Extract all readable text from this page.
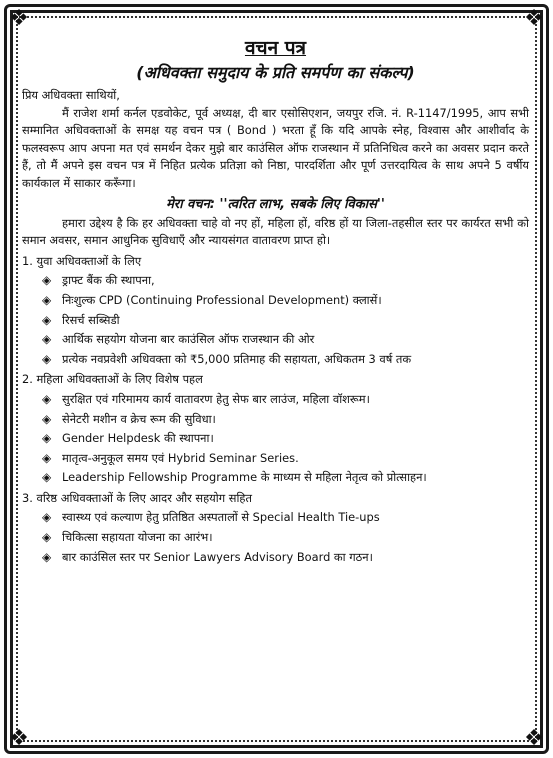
❖	❖
❖	❖
वचन पत्र
(अधिवक्ता समुदाय के प्रति समर्पण का संकल्प)

प्रिय अधिवक्ता साथियों,

मैं राजेश शर्मा कर्नल एडवोकेट, पूर्व अध्यक्ष, दी बार एसोसिएशन, जयपुर रजि. नं. R-1147/1995, आप सभी सम्मानित अधिवक्ताओं के समक्ष यह वचन पत्र ( Bond ) भरता हूँ कि यदि आपके स्नेह, विश्वास और आशीर्वाद के फलस्वरूप आप अपना मत एवं समर्थन देकर मुझे बार काउंसिल ऑफ राजस्थान में प्रतिनिधित्व करने का अवसर प्रदान करते हैं, तो मैं अपने इस वचन पत्र में निहित प्रत्येक प्रतिज्ञा को निष्ठा, पारदर्शिता और पूर्ण उत्तरदायित्व के साथ अपने 5 वर्षीय कार्यकाल में साकार करूँगा।

मेरा वचन: ''त्वरित लाभ, सबके लिए विकास''

हमारा उद्देश्य है कि हर अधिवक्ता चाहे वो नए हों, महिला हों, वरिष्ठ हों या जिला-तहसील स्तर पर कार्यरत सभी को समान अवसर, समान आधुनिक सुविधाएँ और न्यायसंगत वातावरण प्राप्त हो।

1. युवा अधिवक्ताओं के लिए
◈ ड्राफ्ट बैंक की स्थापना,
◈ निःशुल्क CPD (Continuing Professional Development) क्लासें।
◈ रिसर्च सब्सिडी
◈ आर्थिक सहयोग योजना बार काउंसिल ऑफ राजस्थान की ओर
◈ प्रत्येक नवप्रवेशी अधिवक्ता को ₹5,000 प्रतिमाह की सहायता, अधिकतम 3 वर्ष तक
2. महिला अधिवक्ताओं के लिए विशेष पहल
◈ सुरक्षित एवं गरिमामय कार्य वातावरण हेतु सेफ बार लाउंज, महिला वॉशरूम।
◈ सेनेटरी मशीन व क्रेच रूम की सुविधा।
◈ Gender Helpdesk की स्थापना।
◈ मातृत्व-अनुकूल समय एवं Hybrid Seminar Series.
◈ Leadership Fellowship Programme के माध्यम से महिला नेतृत्व को प्रोत्साहन।
3. वरिष्ठ अधिवक्ताओं के लिए आदर और सहयोग सहित
◈ स्वास्थ्य एवं कल्याण हेतु प्रतिष्ठित अस्पतालों से Special Health Tie-ups
◈ चिकित्सा सहायता योजना का आरंभ।
◈ बार काउंसिल स्तर पर Senior Lawyers Advisory Board का गठन।
